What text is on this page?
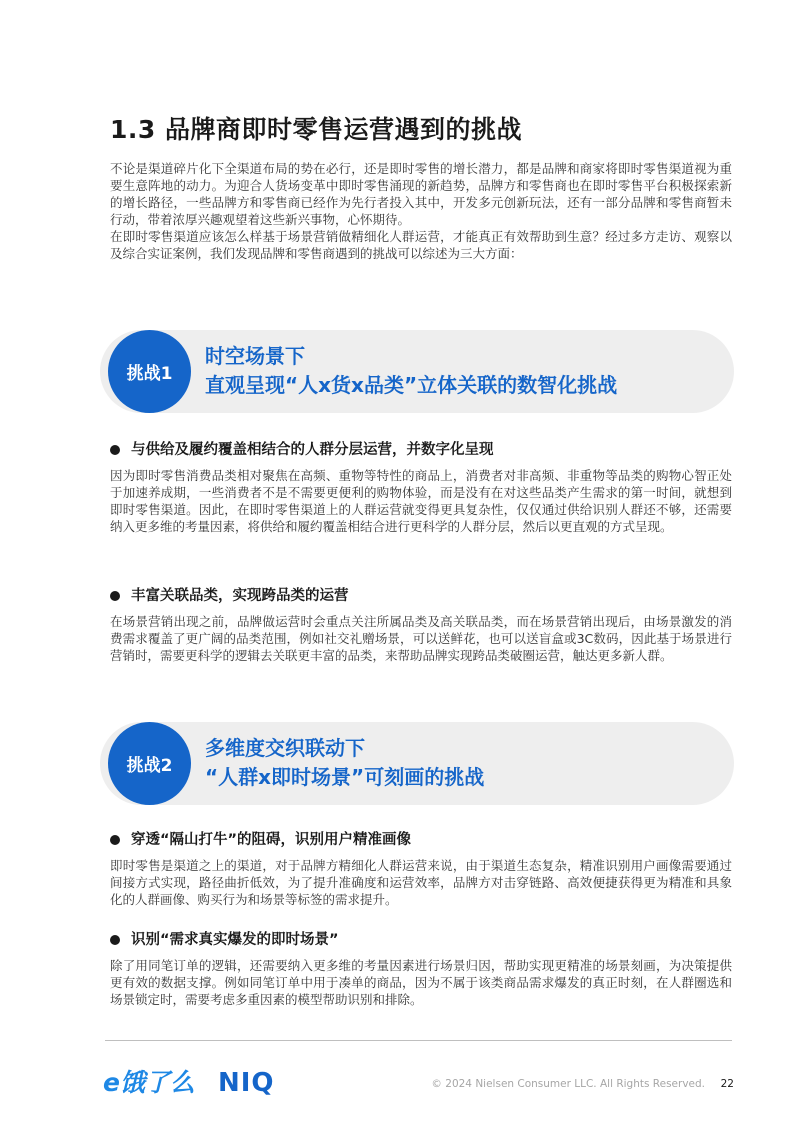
1.3 品牌商即时零售运营遇到的挑战

不论是渠道碎片化下全渠道布局的势在必行，还是即时零售的增长潜力，都是品牌和商家将即时零售渠道视为重要生意阵地的动力。为迎合人货场变革中即时零售涌现的新趋势，品牌方和零售商也在即时零售平台积极探索新的增长路径，一些品牌方和零售商已经作为先行者投入其中，开发多元创新玩法，还有一部分品牌和零售商暂未行动，带着浓厚兴趣观望着这些新兴事物，心怀期待。

在即时零售渠道应该怎么样基于场景营销做精细化人群运营，才能真正有效帮助到生意？经过多方走访、观察以及综合实证案例，我们发现品牌和零售商遇到的挑战可以综述为三大方面：

挑战1
时空场景下
直观呈现“人x货x品类”立体关联的数智化挑战
与供给及履约覆盖相结合的人群分层运营，并数字化呈现

因为即时零售消费品类相对聚焦在高频、重物等特性的商品上，消费者对非高频、非重物等品类的购物心智正处于加速养成期，一些消费者不是不需要更便利的购物体验，而是没有在对这些品类产生需求的第一时间，就想到即时零售渠道。因此，在即时零售渠道上的人群运营就变得更具复杂性，仅仅通过供给识别人群还不够，还需要纳入更多维的考量因素，将供给和履约覆盖相结合进行更科学的人群分层，然后以更直观的方式呈现。

丰富关联品类，实现跨品类的运营

在场景营销出现之前，品牌做运营时会重点关注所属品类及高关联品类，而在场景营销出现后，由场景激发的消费需求覆盖了更广阔的品类范围，例如社交礼赠场景，可以送鲜花，也可以送盲盒或3C数码，因此基于场景进行营销时，需要更科学的逻辑去关联更丰富的品类，来帮助品牌实现跨品类破圈运营，触达更多新人群。

挑战2
多维度交织联动下
“人群x即时场景”可刻画的挑战
穿透“隔山打牛”的阻碍，识别用户精准画像

即时零售是渠道之上的渠道，对于品牌方精细化人群运营来说，由于渠道生态复杂，精准识别用户画像需要通过间接方式实现，路径曲折低效，为了提升准确度和运营效率，品牌方对击穿链路、高效便捷获得更为精准和具象化的人群画像、购买行为和场景等标签的需求提升。

识别“需求真实爆发的即时场景”

除了用同笔订单的逻辑，还需要纳入更多维的考量因素进行场景归因，帮助实现更精准的场景刻画，为决策提供更有效的数据支撑。例如同笔订单中用于凑单的商品，因为不属于该类商品需求爆发的真正时刻，在人群圈选和场景锁定时，需要考虑多重因素的模型帮助识别和排除。

e饿了么 NIQ	© 2024 Nielsen Consumer LLC. All Rights Reserved.	22
